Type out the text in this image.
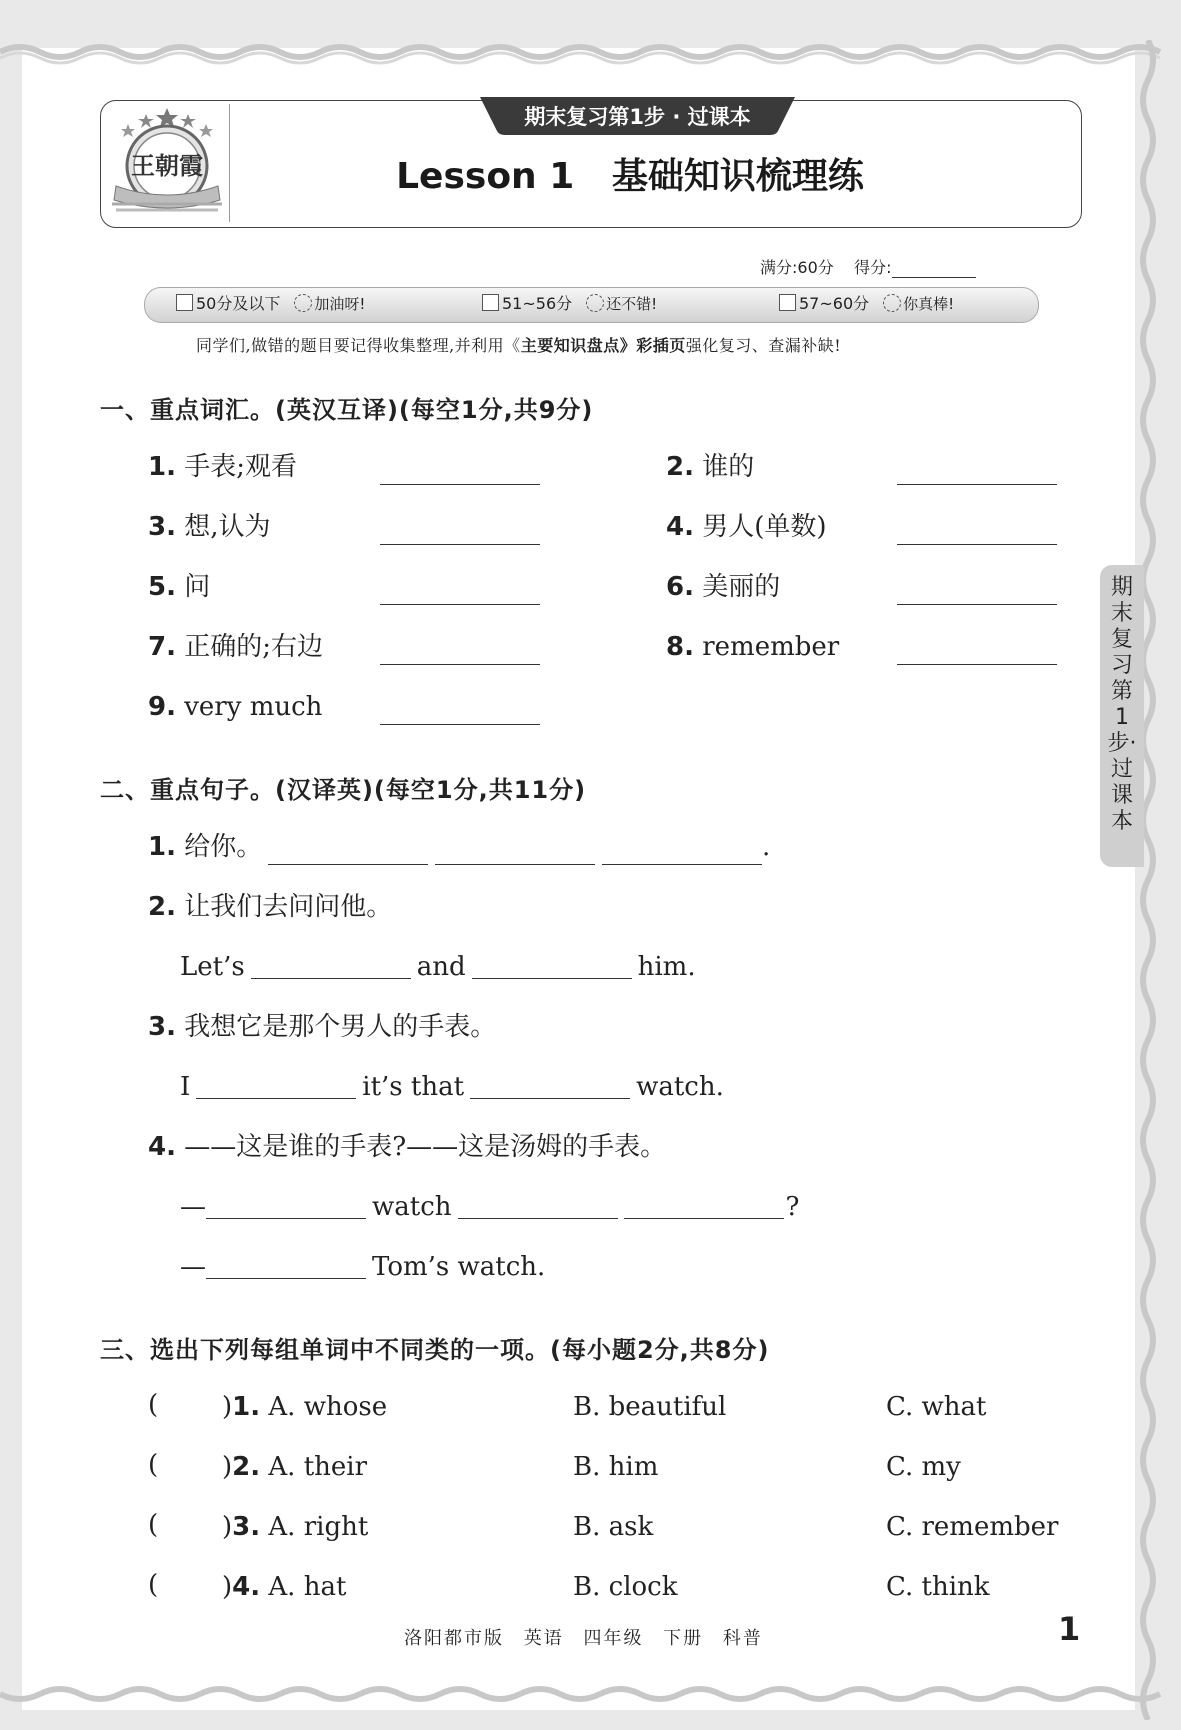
王朝霞
期末复习第1步 · 过课本
Lesson 1   基础知识梳理练
满分:60分 得分:
50分及以下 加油呀!	51~56分 还不错!	57~60分 你真棒!
同学们,做错的题目要记得收集整理,并利用《主要知识盘点》彩插页强化复习、查漏补缺!
一、重点词汇。(英汉互译)(每空1分,共9分)
1. 手表;观看	2. 谁的
3. 想,认为	4. 男人(单数)
5. 问	6. 美丽的
7. 正确的;右边	8. remember
9. very much
二、重点句子。(汉译英)(每空1分,共11分)
1. 给你。	.
2. 让我们去问问他。
Let’s	and	him.
3. 我想它是那个男人的手表。
I	it’s that	watch.
4. ——这是谁的手表?——这是汤姆的手表。
—	watch	?
—	Tom’s watch.
三、选出下列每组单词中不同类的一项。(每小题2分,共8分)
( )1. A. whose	B. beautiful	C. what
( )2. A. their	B. him	C. my
( )3. A. right	B. ask	C. remember
( )4. A. hat	B. clock	C. think
期末复习第1步·过课本
洛阳都市版 英语 四年级 下册 科普	1
